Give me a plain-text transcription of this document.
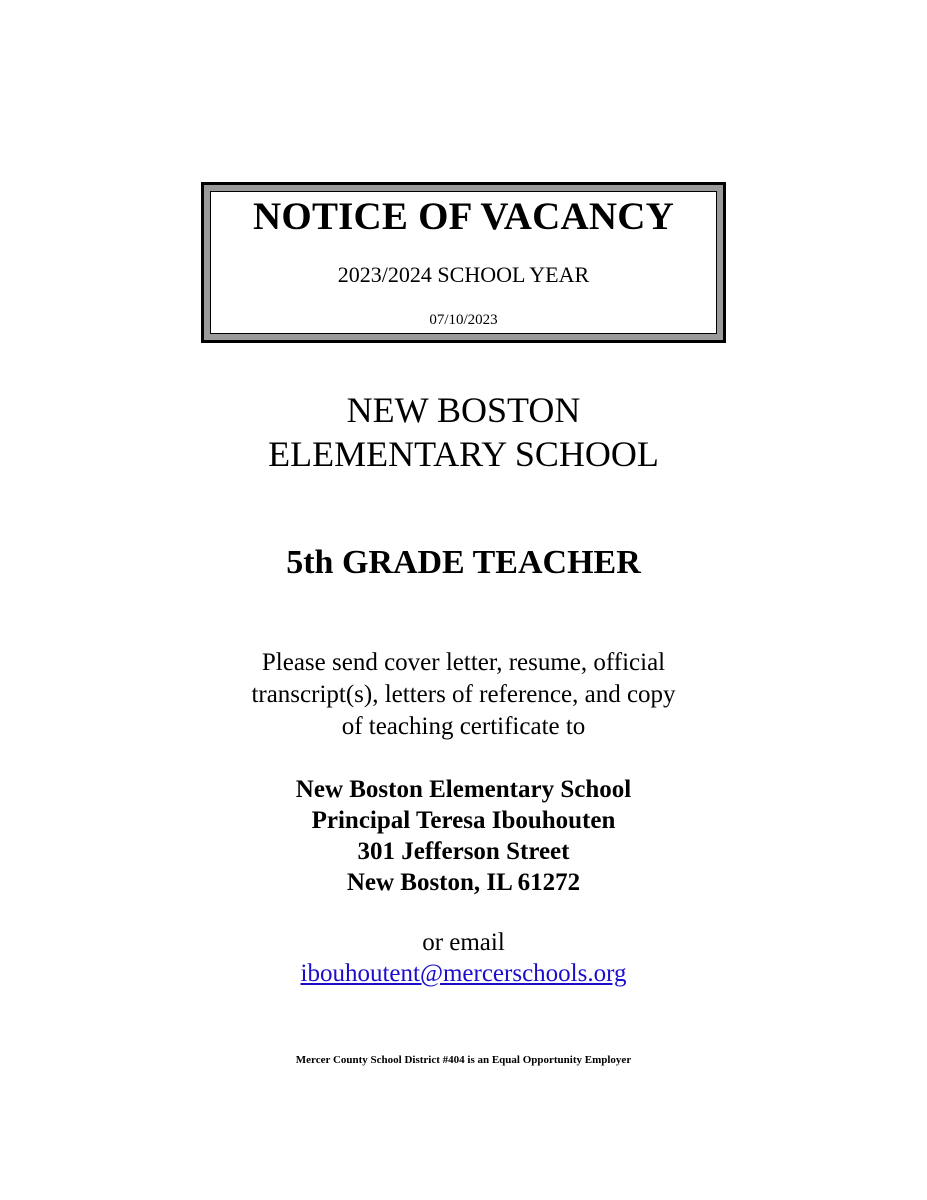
NOTICE OF VACANCY
2023/2024 SCHOOL YEAR
07/10/2023
NEW BOSTON
ELEMENTARY SCHOOL
5th GRADE TEACHER
Please send cover letter, resume, official
transcript(s), letters of reference, and copy
of teaching certificate to
New Boston Elementary School
Principal Teresa Ibouhouten
301 Jefferson Street
New Boston, IL 61272
or email
ibouhoutent@mercerschools.org
Mercer County School District #404 is an Equal Opportunity Employer
